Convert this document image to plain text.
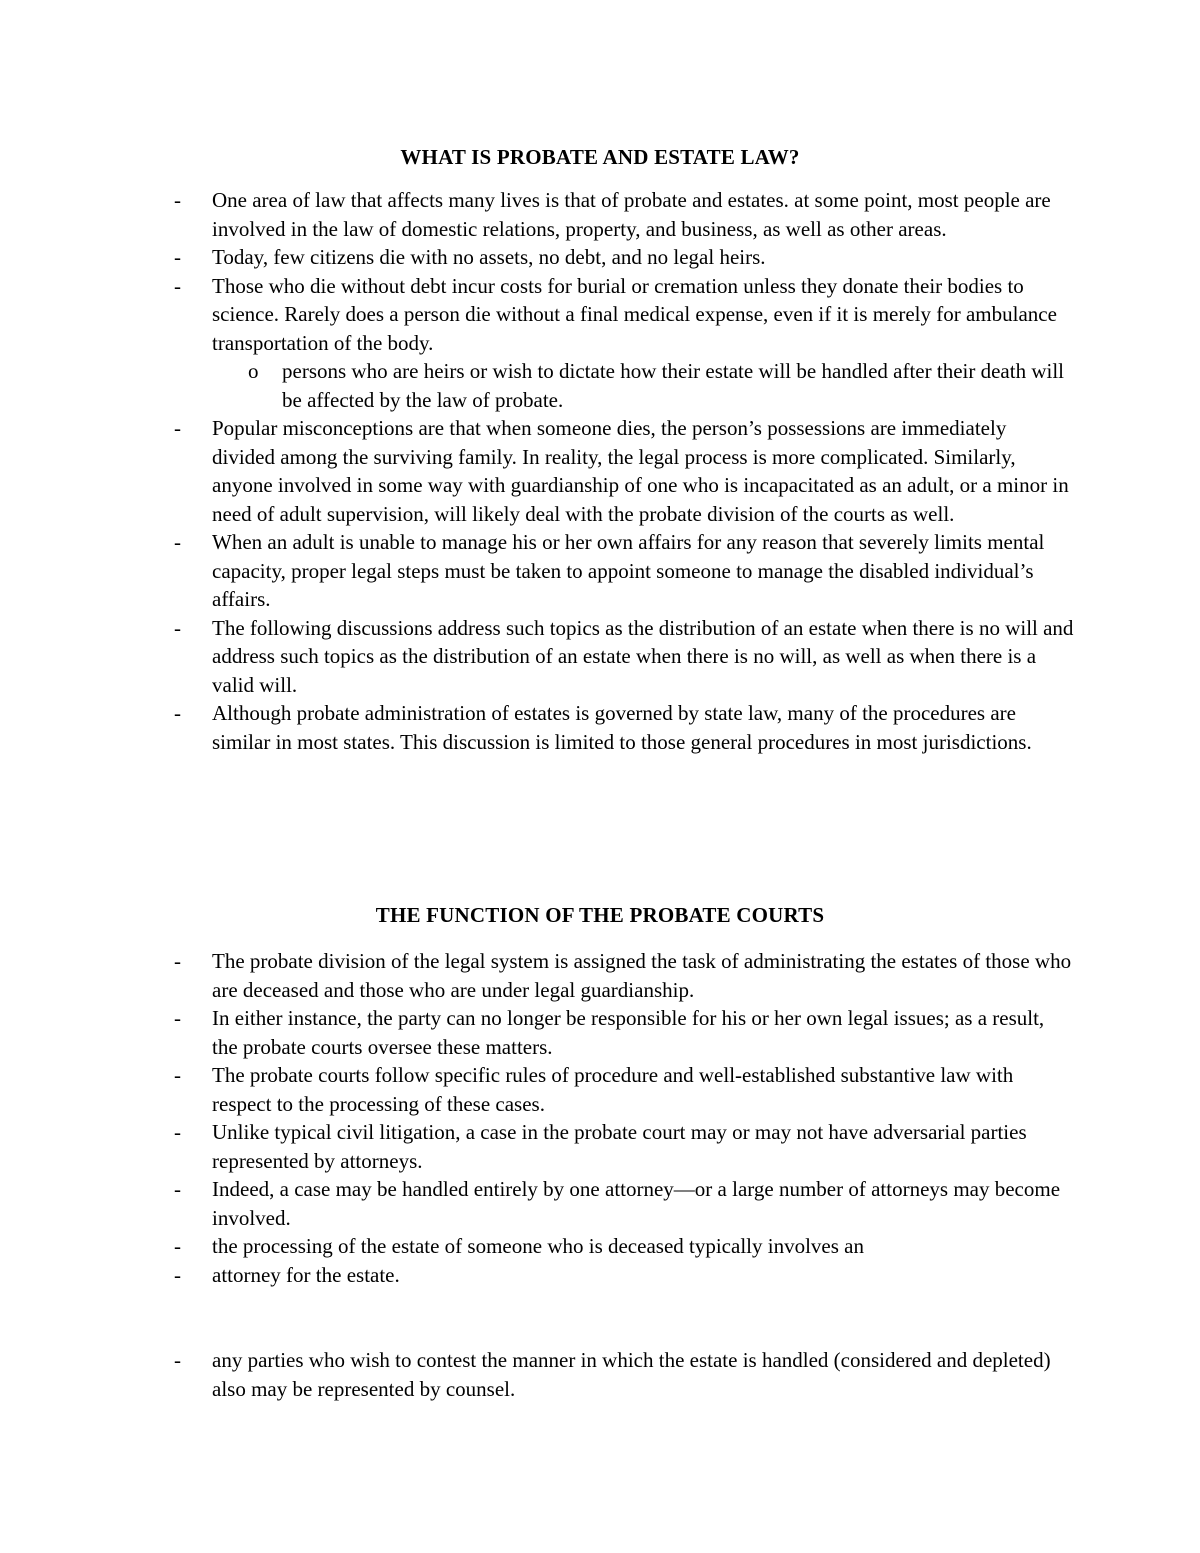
WHAT IS PROBATE AND ESTATE LAW?
- One area of law that affects many lives is that of probate and estates. at some point, most people are involved in the law of domestic relations, property, and business, as well as other areas.
- Today, few citizens die with no assets, no debt, and no legal heirs.
- Those who die without debt incur costs for burial or cremation unless they donate their bodies to science. Rarely does a person die without a final medical expense, even if it is merely for ambulance transportation of the body.
o persons who are heirs or wish to dictate how their estate will be handled after their death will be affected by the law of probate.
- Popular misconceptions are that when someone dies, the person’s possessions are immediately divided among the surviving family. In reality, the legal process is more complicated. Similarly, anyone involved in some way with guardianship of one who is incapacitated as an adult, or a minor in need of adult supervision, will likely deal with the probate division of the courts as well.
- When an adult is unable to manage his or her own affairs for any reason that severely limits mental capacity, proper legal steps must be taken to appoint someone to manage the disabled individual’s affairs.
- The following discussions address such topics as the distribution of an estate when there is no will and address such topics as the distribution of an estate when there is no will, as well as when there is a valid will.
- Although probate administration of estates is governed by state law, many of the procedures are similar in most states. This discussion is limited to those general procedures in most jurisdictions.
THE FUNCTION OF THE PROBATE COURTS
- The probate division of the legal system is assigned the task of administrating the estates of those who are deceased and those who are under legal guardianship.
- In either instance, the party can no longer be responsible for his or her own legal issues; as a result, the probate courts oversee these matters.
- The probate courts follow specific rules of procedure and well-established substantive law with respect to the processing of these cases.
- Unlike typical civil litigation, a case in the probate court may or may not have adversarial parties represented by attorneys.
- Indeed, a case may be handled entirely by one attorney—or a large number of attorneys may become involved.
- the processing of the estate of someone who is deceased typically involves an
- attorney for the estate.
- any parties who wish to contest the manner in which the estate is handled (considered and depleted) also may be represented by counsel.
